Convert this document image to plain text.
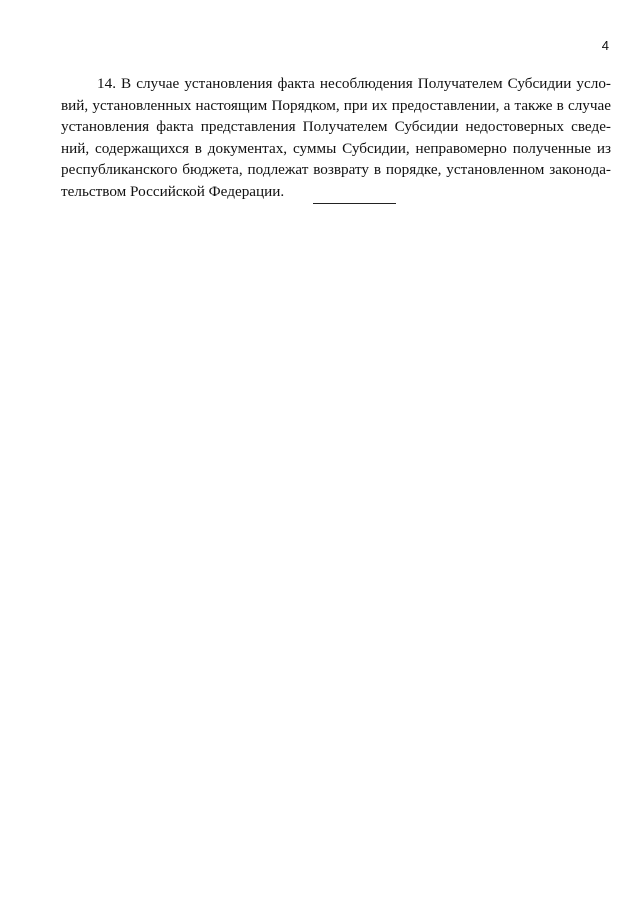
4
14. В случае установления факта несоблюдения Получателем Субсидии усло-
вий, установленных настоящим Порядком, при их предоставлении, а также в случае
установления факта представления Получателем Субсидии недостоверных сведе-
ний, содержащихся в документах, суммы Субсидии, неправомерно полученные из
республиканского бюджета, подлежат возврату в порядке, установленном законода-
тельством Российской Федерации.
